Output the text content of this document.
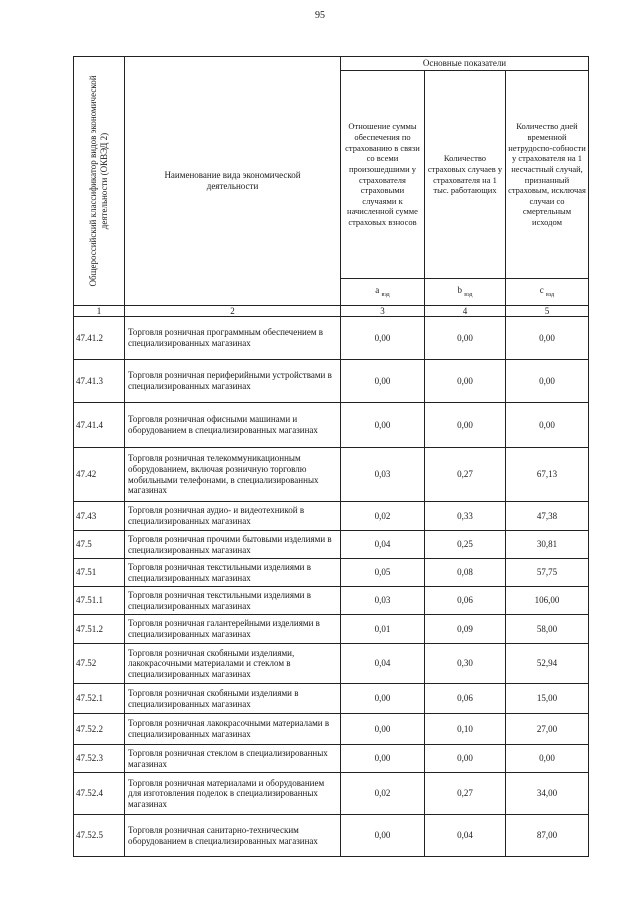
95
Общероссийский классификатор видов экономической деятельности (ОКВЭД 2)	Наименование вида экономической деятельности	Основные показатели		
		Отношение суммы обеспечения по страхованию в связи со всеми произошедшими у страхователя страховыми случаями к начисленной сумме страховых взносов	Количество страховых случаев у страхователя на 1 тыс. работающих	Количество дней временной нетрудоспо-собности у страхователя на 1 несчастный случай, признанный страховым, исключая случаи со смертельным исходом
		a $_{вэд}$	b $_{вэд}$	c $_{вэд}$
1	2	3	4	5
47.41.2	Торговля розничная программным обеспечением в специализированных магазинах	0,00	0,00	0,00
47.41.3	Торговля розничная периферийными устройствами в специализированных магазинах	0,00	0,00	0,00
47.41.4	Торговля розничная офисными машинами и оборудованием в специализированных магазинах	0,00	0,00	0,00
47.42	Торговля розничная телекоммуникационным оборудованием, включая розничную торговлю мобильными телефонами, в специализированных магазинах	0,03	0,27	67,13
47.43	Торговля розничная аудио- и видеотехникой в специализированных магазинах	0,02	0,33	47,38
47.5	Торговля розничная прочими бытовыми изделиями в специализированных магазинах	0,04	0,25	30,81
47.51	Торговля розничная текстильными изделиями в специализированных магазинах	0,05	0,08	57,75
47.51.1	Торговля розничная текстильными изделиями в специализированных магазинах	0,03	0,06	106,00
47.51.2	Торговля розничная галантерейными изделиями в специализированных магазинах	0,01	0,09	58,00
47.52	Торговля розничная скобяными изделиями, лакокрасочными материалами и стеклом в специализированных магазинах	0,04	0,30	52,94
47.52.1	Торговля розничная скобяными изделиями в специализированных магазинах	0,00	0,06	15,00
47.52.2	Торговля розничная лакокрасочными материалами в специализированных магазинах	0,00	0,10	27,00
47.52.3	Торговля розничная стеклом в специализированных магазинах	0,00	0,00	0,00
47.52.4	Торговля розничная материалами и оборудованием для изготовления поделок в специализированных магазинах	0,02	0,27	34,00
47.52.5	Торговля розничная санитарно-техническим оборудованием в специализированных магазинах	0,00	0,04	87,00
